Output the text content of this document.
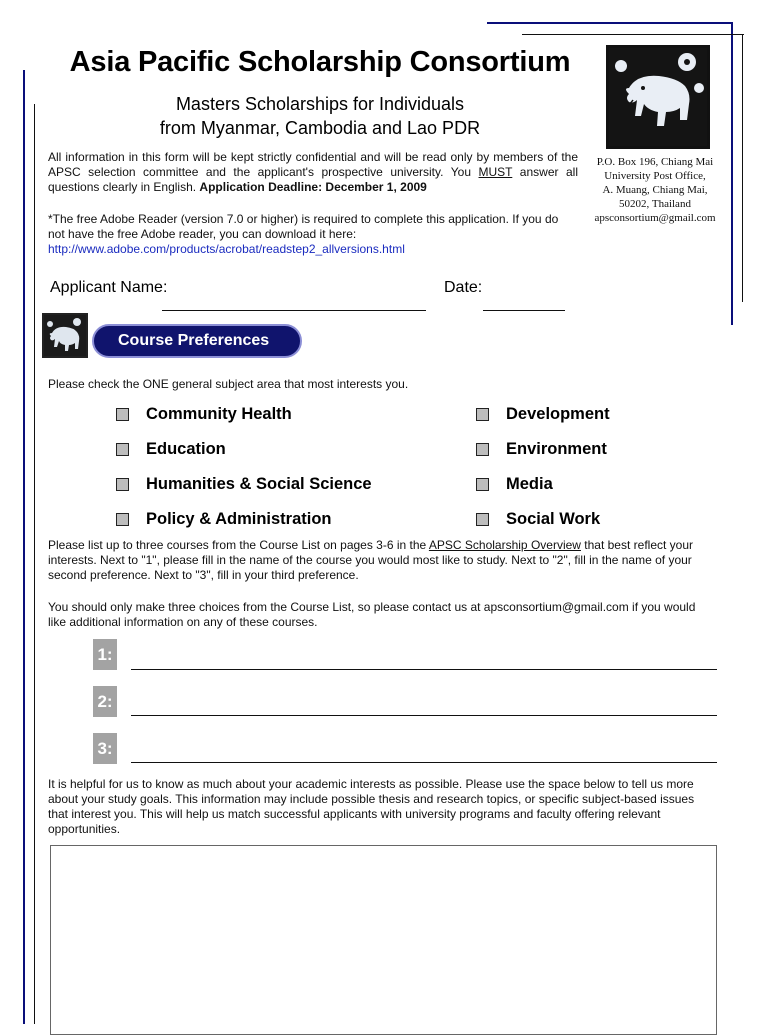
Asia Pacific Scholarship Consortium
Masters Scholarships for Individuals
from Myanmar, Cambodia and Lao PDR
P.O. Box 196, Chiang Mai
University Post Office,
A. Muang, Chiang Mai,
50202, Thailand
apsconsortium@gmail.com
All information in this form will be kept strictly confidential and will be read only by members of the APSC selection committee and the applicant's prospective university. You MUST answer all questions clearly in English. Application Deadline: December 1, 2009
*The free Adobe Reader (version 7.0 or higher) is required to complete this application. If you do not have the free Adobe reader, you can download it here: http://www.adobe.com/products/acrobat/readstep2_allversions.html
Applicant Name:	Date:
Course Preferences
Please check the ONE general subject area that most interests you.
Community Health
Education
Humanities & Social Science
Policy & Administration
Development
Environment
Media
Social Work
Please list up to three courses from the Course List on pages 3-6 in the APSC Scholarship Overview that best reflect your interests. Next to "1", please fill in the name of the course you would most like to study. Next to "2", fill in the name of your second preference. Next to "3", fill in your third preference.
You should only make three choices from the Course List, so please contact us at apsconsortium@gmail.com if you would like additional information on any of these courses.
1:
2:
3:
It is helpful for us to know as much about your academic interests as possible. Please use the space below to tell us more about your study goals. This information may include possible thesis and research topics, or specific subject-based issues that interest you. This will help us match successful applicants with university programs and faculty offering relevant opportunities.
